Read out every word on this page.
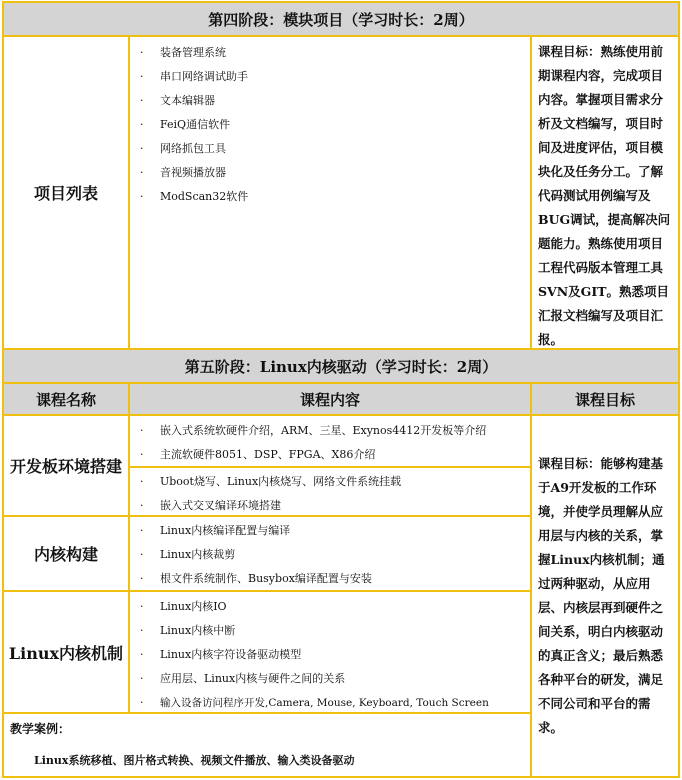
第四阶段：模块项目（学习时长：2周）
项目列表
· 装备管理系统
· 串口网络调试助手
· 文本编辑器
· FeiQ通信软件
· 网络抓包工具
· 音视频播放器
· ModScan32软件
课程目标：熟练使用前期课程内容，完成项目内容。掌握项目需求分析及文档编写，项目时间及进度评估，项目模块化及任务分工。了解代码测试用例编写及BUG调试，提高解决问题能力。熟练使用项目工程代码版本管理工具SVN及GIT。熟悉项目汇报文档编写及项目汇报。
第五阶段：Linux内核驱动（学习时长：2周）
课程名称	课程内容	课程目标
开发板环境搭建
· 嵌入式系统软硬件介绍，ARM、三星、Exynos4412开发板等介绍
· 主流软硬件8051、DSP、FPGA、X86介绍
· Uboot烧写、Linux内核烧写、网络文件系统挂载
· 嵌入式交叉编译环境搭建
内核构建
· Linux内核编译配置与编译
· Linux内核裁剪
· 根文件系统制作、Busybox编译配置与安装
Linux内核机制
· Linux内核IO
· Linux内核中断
· Linux内核字符设备驱动模型
· 应用层、Linux内核与硬件之间的关系
· 输入设备访问程序开发,Camera, Mouse, Keyboard, Touch Screen
课程目标：能够构建基于A9开发板的工作环境，并使学员理解从应用层与内核的关系，掌握Linux内核机制；通过两种驱动，从应用层、内核层再到硬件之间关系，明白内核驱动的真正含义；最后熟悉各种平台的研发，满足不同公司和平台的需求。
教学案例：
Linux系统移植、图片格式转换、视频文件播放、输入类设备驱动
